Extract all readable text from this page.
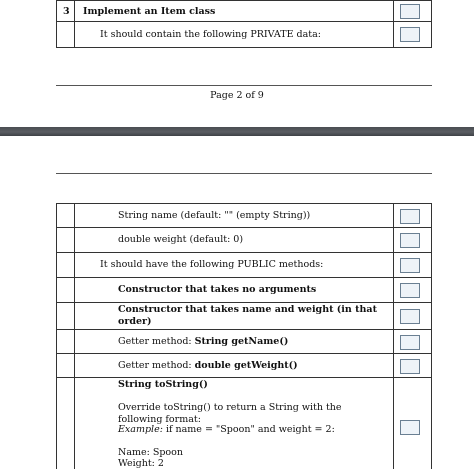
3 Implement an Item class
It should contain the following PRIVATE data:
Page 2 of 9
String name (default: "" (empty String))
double weight (default: 0)
It should have the following PUBLIC methods:
Constructor that takes no arguments
Constructor that takes name and weight (in that order)
Getter method: String getName()
Getter method: double getWeight()
String toString()
Override toString() to return a String with the following format:
Example: if name = "Spoon" and weight = 2:
Name: Spoon
Weight: 2
